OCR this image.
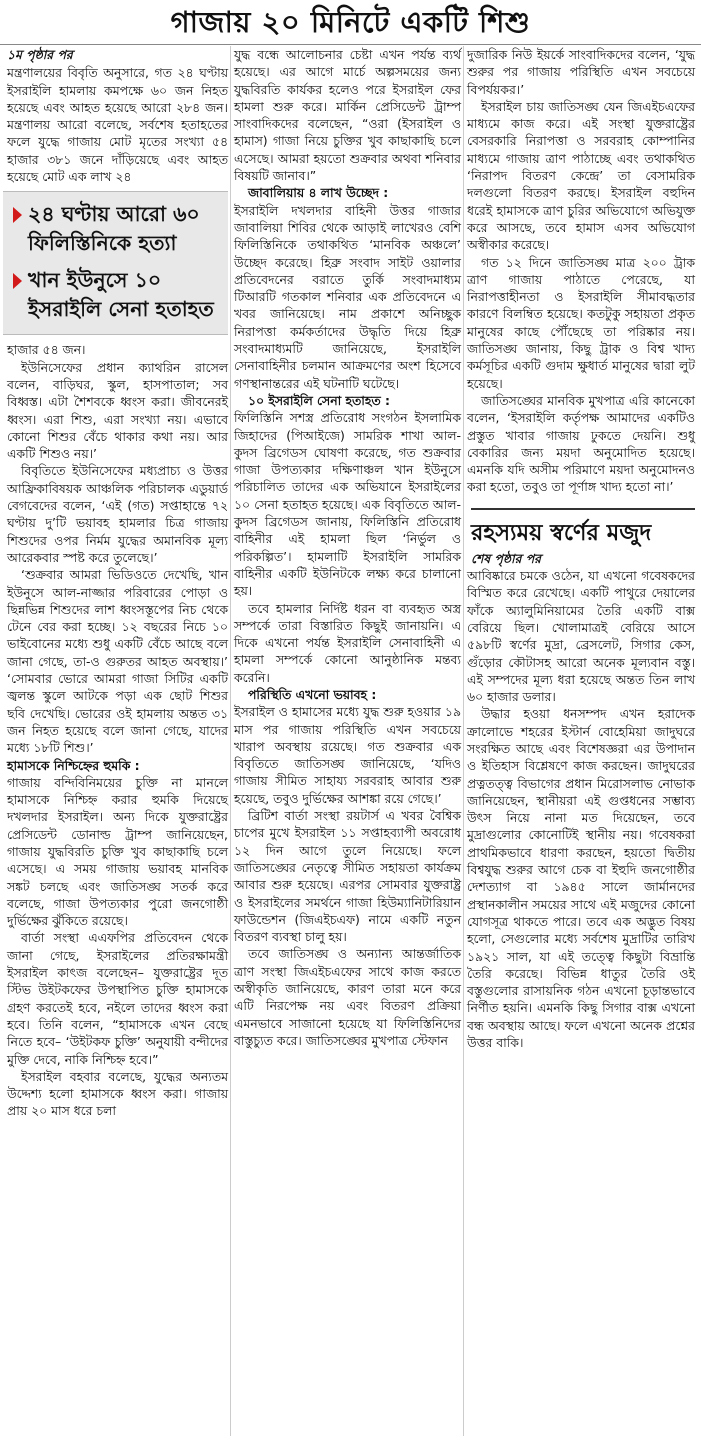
গাজায় ২০ মিনিটে একটি শিশু
১ম পৃষ্ঠার পর

মন্ত্রণালয়ের বিবৃতি অনুসারে, গত ২৪ ঘণ্টায় ইসরাইলি হামলায় কমপক্ষে ৬০ জন নিহত হয়েছে এবং আহত হয়েছে আরো ২৮৪ জন। মন্ত্রণালয় আরো বলেছে, সর্বশেষ হতাহতের ফলে যুদ্ধে গাজায় মোট মৃতের সংখ্যা ৫৪ হাজার ৩৮১ জনে দাঁড়িয়েছে এবং আহত হয়েছে মোট এক লাখ ২৪

২৪ ঘণ্টায় আরো ৬০ ফিলিস্তিনিকে হত্যা
খান ইউনুসে ১০ ইসরাইলি সেনা হতাহত

হাজার ৫৪ জন।

ইউনিসেফের প্রধান ক্যাথরিন রাসেল বলেন, বাড়িঘর, স্কুল, হাসপাতাল; সব বিধ্বস্ত। এটা শৈশবকে ধ্বংস করা। জীবনেরই ধ্বংস। এরা শিশু, এরা সংখ্যা নয়। এভাবে কোনো শিশুর বেঁচে থাকার কথা নয়। আর একটি শিশুও নয়।’

বিবৃতিতে ইউনিসেফের মধ্যপ্রাচ্য ও উত্তর আফ্রিকাবিষয়ক আঞ্চলিক পরিচালক এডুয়ার্ড বেগবেদের বলেন, ‘এই (গত) সপ্তাহান্তে ৭২ ঘণ্টায় দু’টি ভয়াবহ হামলার চিত্র গাজায় শিশুদের ওপর নির্মম যুদ্ধের অমানবিক মূল্য আরেকবার স্পষ্ট করে তুলেছে।’

‘শুক্রবার আমরা ভিডিওতে দেখেছি, খান ইউনুসে আল-নাজ্জার পরিবারের পোড়া ও ছিন্নভিন্ন শিশুদের লাশ ধ্বংসস্তূপের নিচ থেকে টেনে বের করা হচ্ছে। ১২ বছরের নিচে ১০ ভাইবোনের মধ্যে শুধু একটি বেঁচে আছে বলে জানা গেছে, তা-ও গুরুতর আহত অবস্থায়।’ ‘সোমবার ভোরে আমরা গাজা সিটির একটি জ্বলন্ত স্কুলে আটকে পড়া এক ছোট শিশুর ছবি দেখেছি। ভোরের ওই হামলায় অন্তত ৩১ জন নিহত হয়েছে বলে জানা গেছে, যাদের মধ্যে ১৮টি শিশু।’

হামাসকে নিশ্চিহ্নের হুমকি :

গাজায় বন্দিবিনিময়ের চুক্তি না মানলে হামাসকে নিশ্চিহ্ন করার হুমকি দিয়েছে দখলদার ইসরাইল। অন্য দিকে যুক্তরাষ্ট্রের প্রেসিডেন্ট ডোনাল্ড ট্রাম্প জানিয়েছেন, গাজায় যুদ্ধবিরতি চুক্তি খুব কাছাকাছি চলে এসেছে। এ সময় গাজায় ভয়াবহ মানবিক সঙ্কট চলছে এবং জাতিসঙ্ঘ সতর্ক করে বলেছে, গাজা উপত্যকার পুরো জনগোষ্ঠী দুর্ভিক্ষের ঝুঁকিতে রয়েছে।

বার্তা সংস্থা এএফপির প্রতিবেদন থেকে জানা গেছে, ইসরাইলের প্রতিরক্ষামন্ত্রী ইসরাইল কাৎজ বলেছেন– যুক্তরাষ্ট্রের দূত স্টিভ উইটকফের উপস্থাপিত চুক্তি হামাসকে গ্রহণ করতেই হবে, নইলে তাদের ধ্বংস করা হবে। তিনি বলেন, “হামাসকে এখন বেছে নিতে হবে– ‘উইটকফ চুক্তি’ অনুযায়ী বন্দীদের মুক্তি দেবে, নাকি নিশ্চিহ্ন হবে।”

ইসরাইল বহবার বলেছে, যুদ্ধের অন্যতম উদ্দেশ্য হলো হামাসকে ধ্বংস করা। গাজায় প্রায় ২০ মাস ধরে চলা

যুদ্ধ বন্ধে আলোচনার চেষ্টা এখন পর্যন্ত ব্যর্থ হয়েছে। এর আগে মার্চে অল্পসময়ের জন্য যুদ্ধবিরতি কার্যকর হলেও পরে ইসরাইল ফের হামলা শুরু করে। মার্কিন প্রেসিডেন্ট ট্রাম্প সাংবাদিকদের বলেছেন, “ওরা (ইসরাইল ও হামাস) গাজা নিয়ে চুক্তির খুব কাছাকাছি চলে এসেছে। আমরা হয়তো শুক্রবার অথবা শনিবার বিষয়টি জানাব।”

জাবালিয়ায় ৪ লাখ উচ্ছেদ :

ইসরাইলি দখলদার বাহিনী উত্তর গাজার জাবালিয়া শিবির থেকে আড়াই লাখেরও বেশি ফিলিস্তিনিকে তথাকথিত ‘মানবিক অঞ্চলে’ উচ্ছেদ করেছে। হিব্রু সংবাদ সাইট ওয়ালার প্রতিবেদনের বরাতে তুর্কি সংবাদমাধ্যম টিআরটি গতকাল শনিবার এক প্রতিবেদনে এ খবর জানিয়েছে। নাম প্রকাশে অনিচ্ছুক নিরাপত্তা কর্মকর্তাদের উদ্ধৃতি দিয়ে হিব্রু সংবাদমাধ্যমটি জানিয়েছে, ইসরাইলি সেনাবাহিনীর চলমান আক্রমণের অংশ হিসেবে গণস্থানান্তরের এই ঘটনাটি ঘটেছে।

১০ ইসরাইলি সেনা হতাহত :

ফিলিস্তিনি সশস্ত্র প্রতিরোধ সংগঠন ইসলামিক জিহাদের (পিআইজে) সামরিক শাখা আল-কুদস ব্রিগেডস ঘোষণা করেছে, গত শুক্রবার গাজা উপত্যকার দক্ষিণাঞ্চল খান ইউনুসে পরিচালিত তাদের এক অভিযানে ইসরাইলের ১০ সেনা হতাহত হয়েছে। এক বিবৃতিতে আল-কুদস ব্রিগেডস জানায়, ফিলিস্তিনি প্রতিরোধ বাহিনীর এই হামলা ছিল ‘নির্ভুল ও পরিকল্পিত’। হামলাটি ইসরাইলি সামরিক বাহিনীর একটি ইউনিটকে লক্ষ্য করে চালানো হয়।

তবে হামলার নির্দিষ্ট ধরন বা ব্যবহৃত অস্ত্র সম্পর্কে তারা বিস্তারিত কিছুই জানায়নি। এ দিকে এখনো পর্যন্ত ইসরাইলি সেনাবাহিনী এ হামলা সম্পর্কে কোনো আনুষ্ঠানিক মন্তব্য করেনি।

পরিস্থিতি এখনো ভয়াবহ :

ইসরাইল ও হামাসের মধ্যে যুদ্ধ শুরু হওয়ার ১৯ মাস পর গাজায় পরিস্থিতি এখন সবচেয়ে খারাপ অবস্থায় রয়েছে। গত শুক্রবার এক বিবৃতিতে জাতিসঙ্ঘ জানিয়েছে, ‘যদিও গাজায় সীমিত সাহায্য সরবরাহ আবার শুরু হয়েছে, তবুও দুর্ভিক্ষের আশঙ্কা রয়ে গেছে।’

ব্রিটিশ বার্তা সংস্থা রয়টার্স এ খবর বৈশ্বিক চাপের মুখে ইসরাইল ১১ সপ্তাহব্যাপী অবরোধ ১২ দিন আগে তুলে নিয়েছে। ফলে জাতিসঙ্ঘের নেতৃত্বে সীমিত সহায়তা কার্যক্রম আবার শুরু হয়েছে। এরপর সোমবার যুক্তরাষ্ট্র ও ইসরাইলের সমর্থনে গাজা হিউম্যানিটারিয়ান ফাউন্ডেশন (জিএইচএফ) নামে একটি নতুন বিতরণ ব্যবস্থা চালু হয়।

তবে জাতিসঙ্ঘ ও অন্যান্য আন্তর্জাতিক ত্রাণ সংস্থা জিএইচএফের সাথে কাজ করতে অস্বীকৃতি জানিয়েছে, কারণ তারা মনে করে এটি নিরপেক্ষ নয় এবং বিতরণ প্রক্রিয়া এমনভাবে সাজানো হয়েছে যা ফিলিস্তিনিদের বাস্তুচ্যুত করে। জাতিসঙ্ঘের মুখপাত্র স্টেফান

দুজারিক নিউ ইয়র্কে সাংবাদিকদের বলেন, ‘যুদ্ধ শুরুর পর গাজায় পরিস্থিতি এখন সবচেয়ে বিপর্যয়কর।’

ইসরাইল চায় জাতিসঙ্ঘ যেন জিএইচএফের মাধ্যমে কাজ করে। এই সংস্থা যুক্তরাষ্ট্রের বেসরকারি নিরাপত্তা ও সরবরাহ কোম্পানির মাধ্যমে গাজায় ত্রাণ পাঠাচ্ছে এবং তথাকথিত ‘নিরাপদ বিতরণ কেন্দ্রে’ তা বেসামরিক দলগুলো বিতরণ করছে। ইসরাইল বহুদিন ধরেই হামাসকে ত্রাণ চুরির অভিযোগে অভিযুক্ত করে আসছে, তবে হামাস এসব অভিযোগ অস্বীকার করেছে।

গত ১২ দিনে জাতিসঙ্ঘ মাত্র ২০০ ট্রাক ত্রাণ গাজায় পাঠাতে পেরেছে, যা নিরাপত্তাহীনতা ও ইসরাইলি সীমাবদ্ধতার কারণে বিলম্বিত হয়েছে। কতটুকু সহায়তা প্রকৃত মানুষের কাছে পৌঁছেছে তা পরিষ্কার নয়। জাতিসঙ্ঘ জানায়, কিছু ট্রাক ও বিশ্ব খাদ্য কর্মসূচির একটি গুদাম ক্ষুধার্ত মানুষের দ্বারা লুট হয়েছে।

জাতিসঙ্ঘের মানবিক মুখপাত্র এরি কানেকো বলেন, ‘ইসরাইলি কর্তৃপক্ষ আমাদের একটিও প্রস্তুত খাবার গাজায় ঢুকতে দেয়নি। শুধু বেকারির জন্য ময়দা অনুমোদিত হয়েছে। এমনকি যদি অসীম পরিমাণে ময়দা অনুমোদনও করা হতো, তবুও তা পূর্ণাঙ্গ খাদ্য হতো না।’

রহস্যময় স্বর্ণের মজুদ
শেষ পৃষ্ঠার পর

আবিষ্কারে চমকে ওঠেন, যা এখনো গবেষকদের বিস্মিত করে রেখেছে। একটি পাথুরে দেয়ালের ফাঁকে অ্যালুমিনিয়ামের তৈরি একটি বাক্স বেরিয়ে ছিল। খোলামাত্রই বেরিয়ে আসে ৫৯৮টি স্বর্ণের মুদ্রা, ব্রেসলেট, সিগার কেস, গুঁড়োর কৌটাসহ আরো অনেক মূল্যবান বস্তু। এই সম্পদের মূল্য ধরা হয়েছে অন্তত তিন লাখ ৬০ হাজার ডলার।

উদ্ধার হওয়া ধনসম্পদ এখন হরাদেক ক্রালোভে শহরের ইস্টার্ন বোহেমিয়া জাদুঘরে সংরক্ষিত আছে এবং বিশেষজ্ঞরা এর উপাদান ও ইতিহাস বিশ্লেষণে কাজ করছেন। জাদুঘরের প্রত্নতত্ত্ব বিভাগের প্রধান মিরোসলাভ নোভাক জানিয়েছেন, স্থানীয়রা এই গুপ্তধনের সম্ভাব্য উৎস নিয়ে নানা মত দিয়েছেন, তবে মুদ্রাগুলোর কোনোটিই স্থানীয় নয়। গবেষকরা প্রাথমিকভাবে ধারণা করছেন, হয়তো দ্বিতীয় বিশ্বযুদ্ধ শুরুর আগে চেক বা ইহুদি জনগোষ্ঠীর দেশত্যাগ বা ১৯৪৫ সালে জার্মানদের প্রস্থানকালীন সময়ের সাথে এই মজুদের কোনো যোগসূত্র থাকতে পারে। তবে এক অদ্ভুত বিষয় হলো, সেগুলোর মধ্যে সর্বশেষ মুদ্রাটির তারিখ ১৯২১ সাল, যা এই তত্ত্বে কিছুটা বিভ্রান্তি তৈরি করেছে। বিভিন্ন ধাতুর তৈরি ওই বস্তুগুলোর রাসায়নিক গঠন এখনো চূড়ান্তভাবে নির্ণীত হয়নি। এমনকি কিছু সিগার বাক্স এখনো বন্ধ অবস্থায় আছে। ফলে এখনো অনেক প্রশ্নের উত্তর বাকি।
